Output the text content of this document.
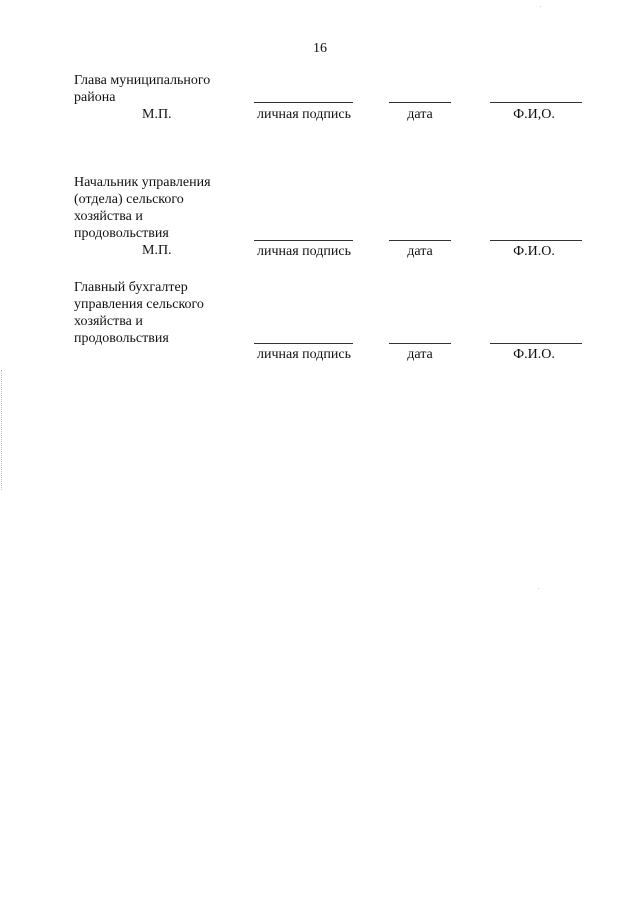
16
Глава муниципального
района
М.П.	личная подпись	дата	Ф.И,О.
Начальник управления
(отдела) сельского
хозяйства и
продовольствия
М.П.	личная подпись	дата	Ф.И.О.
Главный бухгалтер
управления сельского
хозяйства и
продовольствия
личная подпись	дата	Ф.И.О.
